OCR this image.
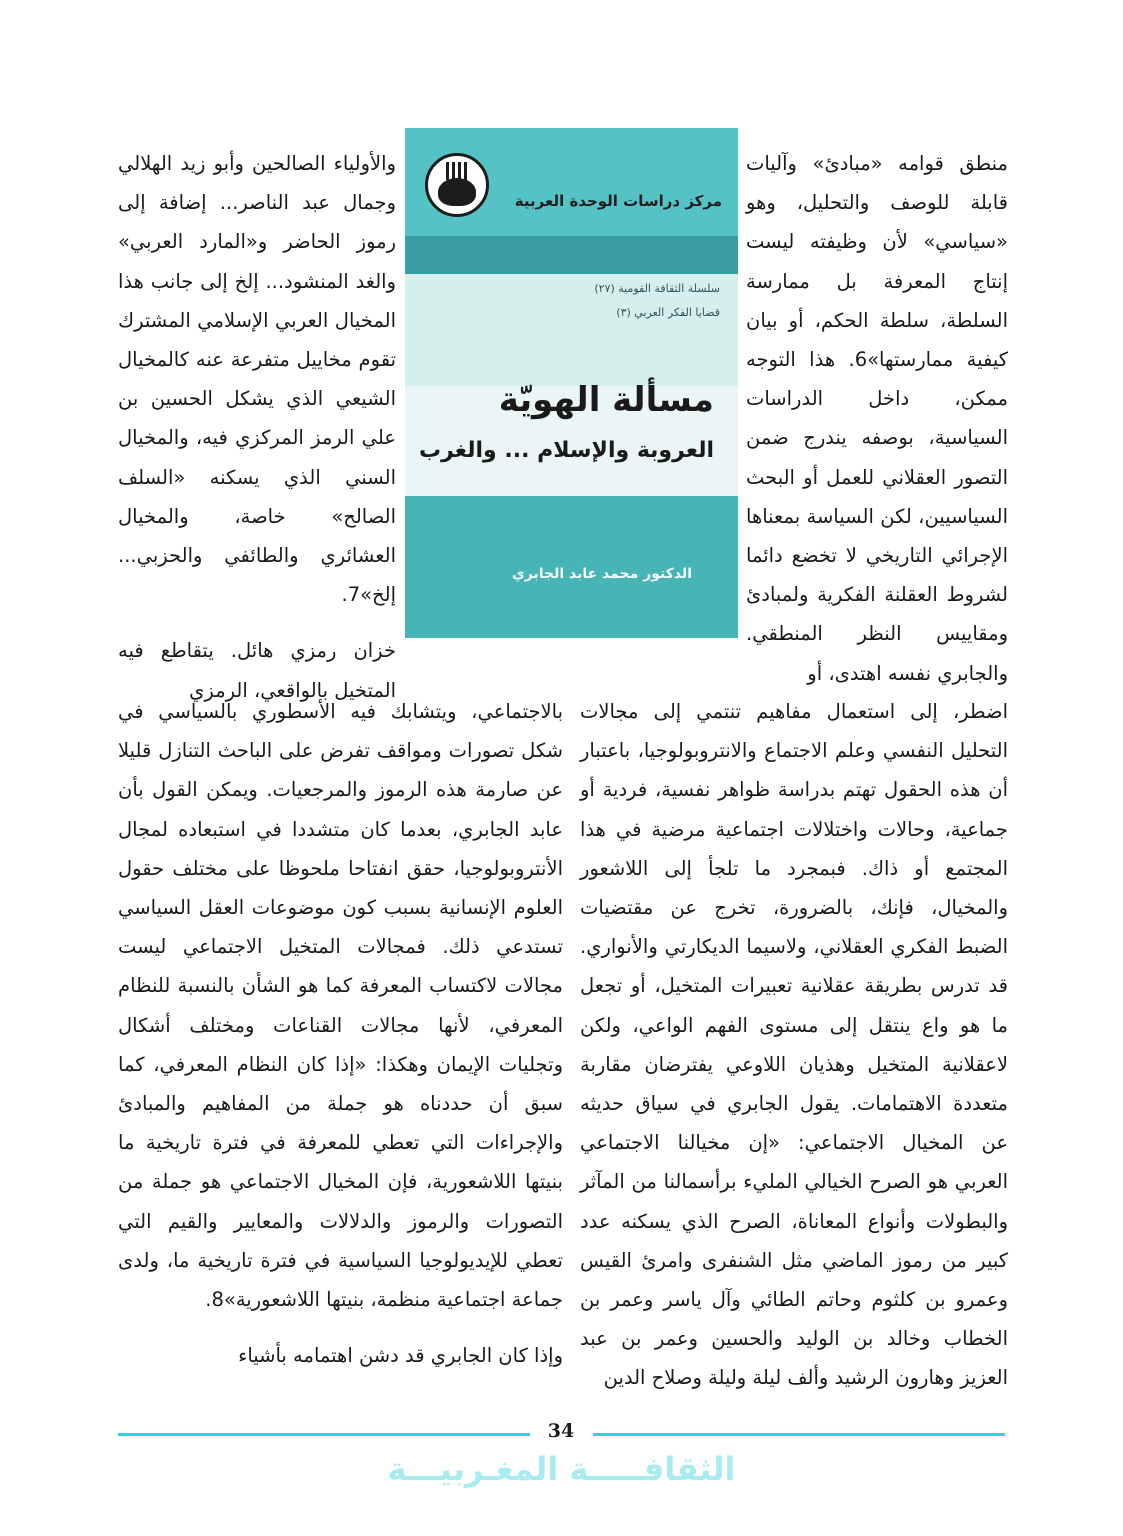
والأولياء الصالحين وأبو زيد الهلالي وجمال عبد الناصر... إضافة إلى رموز الحاضر و«المارد العربي» والغد المنشود... إلخ إلى جانب هذا المخيال العربي الإسلامي المشترك تقوم مخاييل متفرعة عنه كالمخيال الشيعي الذي يشكل الحسين بن علي الرمز المركزي فيه، والمخيال السني الذي يسكنه «السلف الصالح» خاصة، والمخيال العشائري والطائفي والحزبي... إلخ»7.

خزان رمزي هائل. يتقاطع فيه المتخيل بالواقعي، الرمزي

مركز دراسات الوحدة العربية
سلسلة الثقافة القومية (٢٧)
قضايا الفكر العربي (٣)
مسألة الهويّة
العروبة والإسلام ... والغرب
الدكتور محمد عابد الجابري

منطق قوامه «مبادئ» وآليات قابلة للوصف والتحليل، وهو «سياسي» لأن وظيفته ليست إنتاج المعرفة بل ممارسة السلطة، سلطة الحكم، أو بيان كيفية ممارستها»6. هذا التوجه ممكن، داخل الدراسات السياسية، بوصفه يندرج ضمن التصور العقلاني للعمل أو البحث السياسيين، لكن السياسة بمعناها الإجرائي التاريخي لا تخضع دائما لشروط العقلنة الفكرية ولمبادئ ومقاييس النظر المنطقي. والجابري نفسه اهتدى، أو

بالاجتماعي، ويتشابك فيه الأسطوري بالسياسي في شكل تصورات ومواقف تفرض على الباحث التنازل قليلا عن صارمة هذه الرموز والمرجعيات. ويمكن القول بأن عابد الجابري، بعدما كان متشددا في استبعاده لمجال الأنتروبولوجيا، حقق انفتاحا ملحوظا على مختلف حقول العلوم الإنسانية بسبب كون موضوعات العقل السياسي تستدعي ذلك. فمجالات المتخيل الاجتماعي ليست مجالات لاكتساب المعرفة كما هو الشأن بالنسبة للنظام المعرفي، لأنها مجالات القناعات ومختلف أشكال وتجليات الإيمان وهكذا: «إذا كان النظام المعرفي، كما سبق أن حددناه هو جملة من المفاهيم والمبادئ والإجراءات التي تعطي للمعرفة في فترة تاريخية ما بنيتها اللاشعورية، فإن المخيال الاجتماعي هو جملة من التصورات والرموز والدلالات والمعايير والقيم التي تعطي للإيديولوجيا السياسية في فترة تاريخية ما، ولدى جماعة اجتماعية منظمة، بنيتها اللاشعورية»8.

وإذا كان الجابري قد دشن اهتمامه بأشياء

اضطر، إلى استعمال مفاهيم تنتمي إلى مجالات التحليل النفسي وعلم الاجتماع والانتروبولوجيا، باعتبار أن هذه الحقول تهتم بدراسة ظواهر نفسية، فردية أو جماعية، وحالات واختلالات اجتماعية مرضية في هذا المجتمع أو ذاك. فبمجرد ما تلجأ إلى اللاشعور والمخيال، فإنك، بالضرورة، تخرج عن مقتضيات الضبط الفكري العقلاني، ولاسيما الديكارتي والأنواري. قد تدرس بطريقة عقلانية تعبيرات المتخيل، أو تجعل ما هو واع ينتقل إلى مستوى الفهم الواعي، ولكن لاعقلانية المتخيل وهذيان اللاوعي يفترضان مقاربة متعددة الاهتمامات. يقول الجابري في سياق حديثه عن المخيال الاجتماعي: «إن مخيالنا الاجتماعي العربي هو الصرح الخيالي المليء برأسمالنا من المآثر والبطولات وأنواع المعاناة، الصرح الذي يسكنه عدد كبير من رموز الماضي مثل الشنفرى وامرئ القيس وعمرو بن كلثوم وحاتم الطائي وآل ياسر وعمر بن الخطاب وخالد بن الوليد والحسين وعمر بن عبد العزيز وهارون الرشيد وألف ليلة وليلة وصلاح الدين

34
الثقافـــــة المغـربيـــة
